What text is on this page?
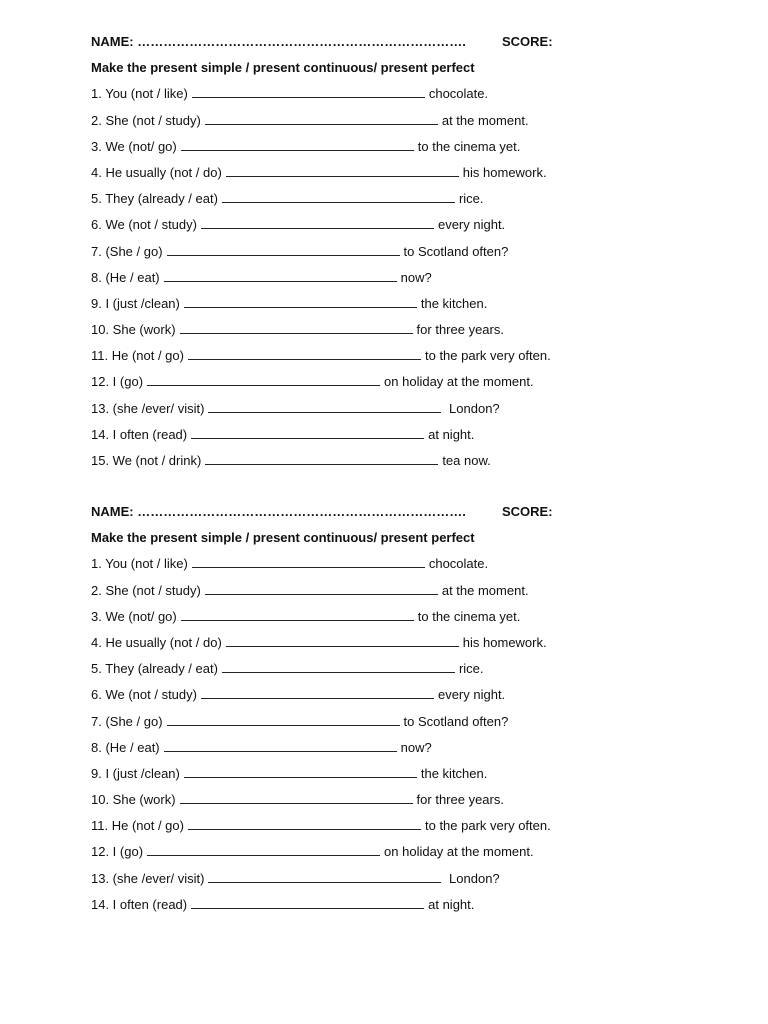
NAME: ………………………………………………………………….	SCORE:
Make the present simple / present continuous/ present perfect
1. You (not / like)	chocolate.
2. She (not / study)	at the moment.
3. We (not/ go)	to the cinema yet.
4. He usually (not / do)	his homework.
5. They (already / eat)	rice.
6. We (not / study)	every night.
7. (She / go)	to Scotland often?
8. (He / eat)	now?
9. I (just /clean)	the kitchen.
10. She (work)	for three years.
11. He (not / go)	to the park very often.
12. I (go)	on holiday at the moment.
13. (she /ever/ visit)	London?
14. I often (read)	at night.
15. We (not / drink)	tea now.
NAME: ………………………………………………………………….	SCORE:
Make the present simple / present continuous/ present perfect
1. You (not / like)	chocolate.
2. She (not / study)	at the moment.
3. We (not/ go)	to the cinema yet.
4. He usually (not / do)	his homework.
5. They (already / eat)	rice.
6. We (not / study)	every night.
7. (She / go)	to Scotland often?
8. (He / eat)	now?
9. I (just /clean)	the kitchen.
10. She (work)	for three years.
11. He (not / go)	to the park very often.
12. I (go)	on holiday at the moment.
13. (she /ever/ visit)	London?
14. I often (read)	at night.
